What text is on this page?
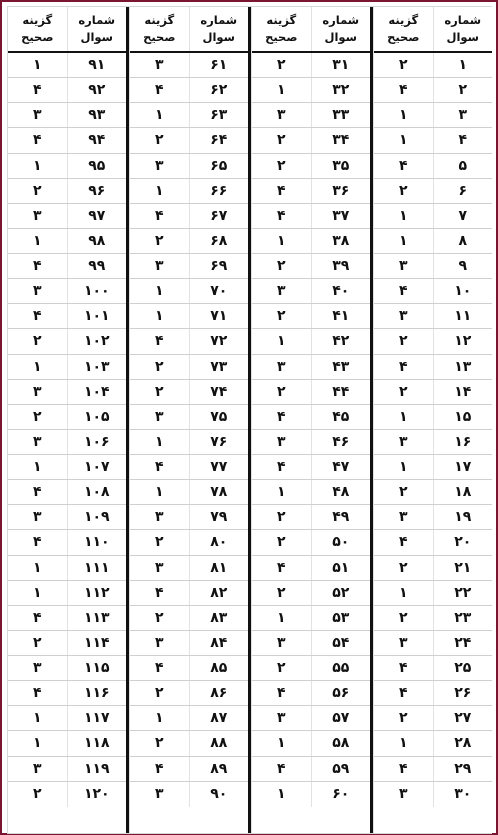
شماره
سوال
گزینه
صحیح
۱
۲
۲
۴
۳
۱
۴
۱
۵
۴
۶
۲
۷
۱
۸
۱
۹
۳
۱۰
۴
۱۱
۳
۱۲
۲
۱۳
۴
۱۴
۲
۱۵
۱
۱۶
۳
۱۷
۱
۱۸
۲
۱۹
۳
۲۰
۴
۲۱
۲
۲۲
۱
۲۳
۲
۲۴
۳
۲۵
۴
۲۶
۴
۲۷
۲
۲۸
۱
۲۹
۴
۳۰
۳
شماره
سوال
گزینه
صحیح
۳۱
۲
۳۲
۱
۳۳
۳
۳۴
۲
۳۵
۲
۳۶
۴
۳۷
۴
۳۸
۱
۳۹
۲
۴۰
۳
۴۱
۲
۴۲
۱
۴۳
۳
۴۴
۲
۴۵
۴
۴۶
۳
۴۷
۴
۴۸
۱
۴۹
۲
۵۰
۲
۵۱
۴
۵۲
۲
۵۳
۱
۵۴
۳
۵۵
۲
۵۶
۴
۵۷
۳
۵۸
۱
۵۹
۴
۶۰
۱
شماره
سوال
گزینه
صحیح
۶۱
۳
۶۲
۴
۶۳
۱
۶۴
۲
۶۵
۳
۶۶
۱
۶۷
۴
۶۸
۲
۶۹
۳
۷۰
۱
۷۱
۱
۷۲
۴
۷۳
۲
۷۴
۲
۷۵
۳
۷۶
۱
۷۷
۴
۷۸
۱
۷۹
۳
۸۰
۲
۸۱
۳
۸۲
۴
۸۳
۲
۸۴
۳
۸۵
۴
۸۶
۲
۸۷
۱
۸۸
۲
۸۹
۴
۹۰
۳
شماره
سوال
گزینه
صحیح
۹۱
۱
۹۲
۴
۹۳
۳
۹۴
۴
۹۵
۱
۹۶
۲
۹۷
۳
۹۸
۱
۹۹
۴
۱۰۰
۳
۱۰۱
۴
۱۰۲
۲
۱۰۳
۱
۱۰۴
۳
۱۰۵
۲
۱۰۶
۳
۱۰۷
۱
۱۰۸
۴
۱۰۹
۳
۱۱۰
۴
۱۱۱
۱
۱۱۲
۱
۱۱۳
۴
۱۱۴
۲
۱۱۵
۳
۱۱۶
۴
۱۱۷
۱
۱۱۸
۱
۱۱۹
۳
۱۲۰
۲
